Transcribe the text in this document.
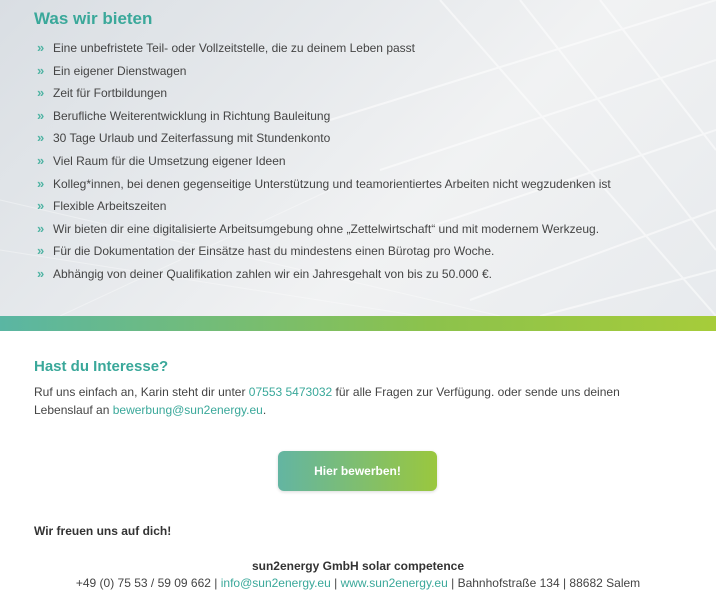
Was wir bieten
» Eine unbefristete Teil- oder Vollzeitstelle, die zu deinem Leben passt
» Ein eigener Dienstwagen
» Zeit für Fortbildungen
» Berufliche Weiterentwicklung in Richtung Bauleitung
» 30 Tage Urlaub und Zeiterfassung mit Stundenkonto
» Viel Raum für die Umsetzung eigener Ideen
» Kolleg*innen, bei denen gegenseitige Unterstützung und teamorientiertes Arbeiten nicht wegzudenken ist
» Flexible Arbeitszeiten
» Wir bieten dir eine digitalisierte Arbeitsumgebung ohne „Zettelwirtschaft“ und mit modernem Werkzeug.
» Für die Dokumentation der Einsätze hast du mindestens einen Bürotag pro Woche.
» Abhängig von deiner Qualifikation zahlen wir ein Jahresgehalt von bis zu 50.000 €.
Hast du Interesse?

Ruf uns einfach an, Karin steht dir unter 07553 5473032 für alle Fragen zur Verfügung. oder sende uns deinen Lebenslauf an bewerbung@sun2energy.eu.

Hier bewerben!

Wir freuen uns auf dich!

sun2energy GmbH solar competence

+49 (0) 75 53 / 59 09 662 | info@sun2energy.eu | www.sun2energy.eu | Bahnhofstraße 134 | 88682 Salem
